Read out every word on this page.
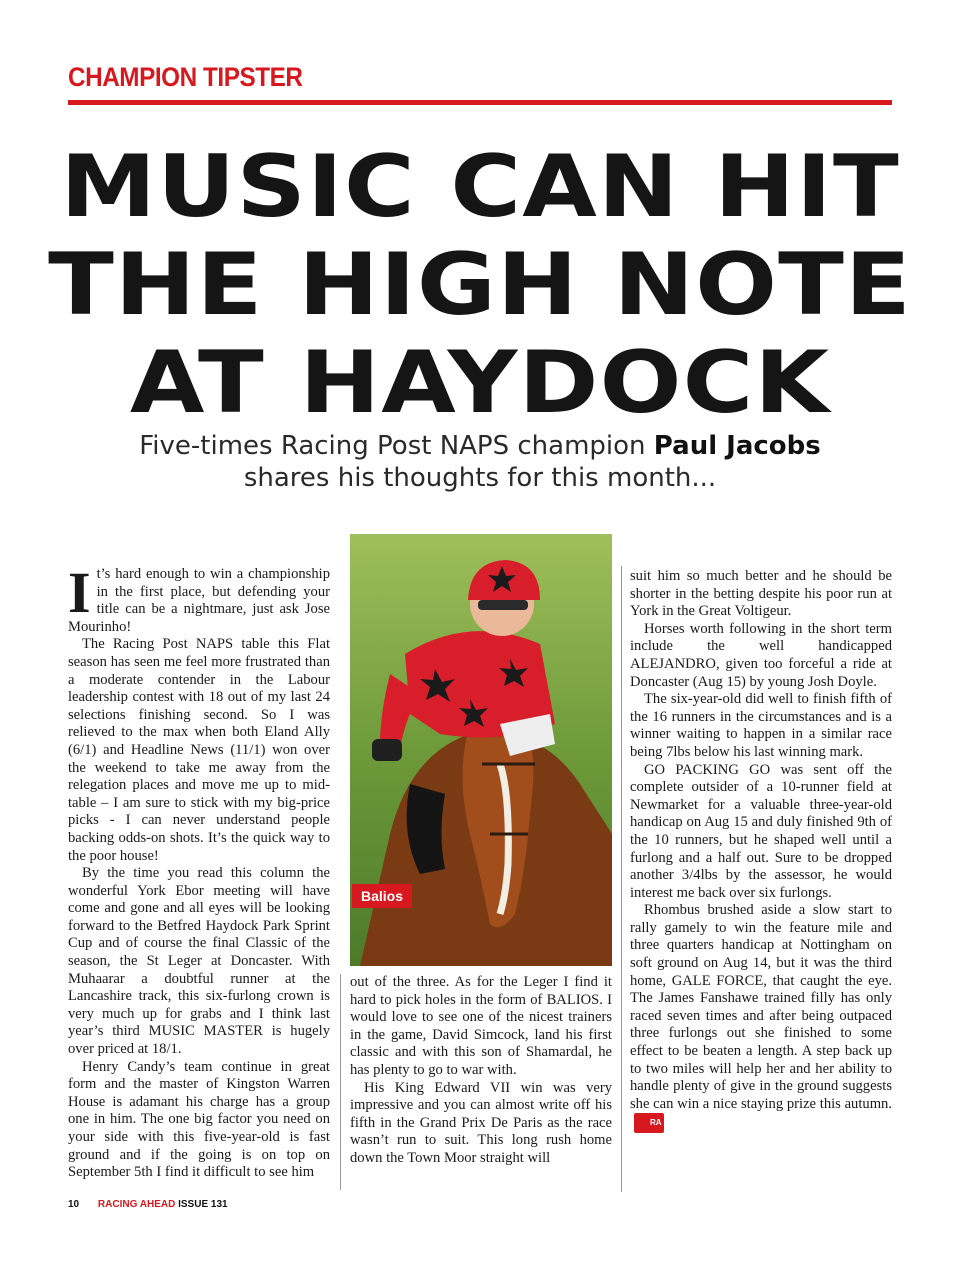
CHAMPION TIPSTER
MUSIC CAN HIT
THE HIGH NOTE
AT HAYDOCK
Five-times Racing Post NAPS champion Paul Jacobs
shares his thoughts for this month...

It’s hard enough to win a championship in the first place, but defending your title can be a nightmare, just ask Jose Mourinho!

The Racing Post NAPS table this Flat season has seen me feel more frustrated than a moderate contender in the Labour leadership contest with 18 out of my last 24 selections finishing second. So I was relieved to the max when both Eland Ally (6/1) and Headline News (11/1) won over the weekend to take me away from the relegation places and move me up to mid-table – I am sure to stick with my big-price picks - I can never understand people backing odds-on shots. It’s the quick way to the poor house!

By the time you read this column the wonderful York Ebor meeting will have come and gone and all eyes will be looking forward to the Betfred Haydock Park Sprint Cup and of course the final Classic of the season, the St Leger at Doncaster. With Muhaarar a doubtful runner at the Lancashire track, this six-furlong crown is very much up for grabs and I think last year’s third MUSIC MASTER is hugely over priced at 18/1.

Henry Candy’s team continue in great form and the master of Kingston Warren House is adamant his charge has a group one in him. The one big factor you need on your side with this five-year-old is fast ground and if the going is on top on September 5th I find it difficult to see him

Balios

out of the three. As for the Leger I find it hard to pick holes in the form of BALIOS. I would love to see one of the nicest trainers in the game, David Simcock, land his first classic and with this son of Shamardal, he has plenty to go to war with.

His King Edward VII win was very impressive and you can almost write off his fifth in the Grand Prix De Paris as the race wasn’t run to suit. This long rush home down the Town Moor straight will

suit him so much better and he should be shorter in the betting despite his poor run at York in the Great Voltigeur.

Horses worth following in the short term include the well handicapped ALEJANDRO, given too forceful a ride at Doncaster (Aug 15) by young Josh Doyle.

The six-year-old did well to finish fifth of the 16 runners in the circumstances and is a winner waiting to happen in a similar race being 7lbs below his last winning mark.

GO PACKING GO was sent off the complete outsider of a 10-runner field at Newmarket for a valuable three-year-old handicap on Aug 15 and duly finished 9th of the 10 runners, but he shaped well until a furlong and a half out. Sure to be dropped another 3/4lbs by the assessor, he would interest me back over six furlongs.

Rhombus brushed aside a slow start to rally gamely to win the feature mile and three quarters handicap at Nottingham on soft ground on Aug 14, but it was the third home, GALE FORCE, that caught the eye. The James Fanshawe trained filly has only raced seven times and after being outpaced three furlongs out she finished to some effect to be beaten a length. A step back up to two miles will help her and her ability to handle plenty of give in the ground suggests she can win a nice staying prize this autumn.RA

10 RACING AHEAD ISSUE 131
